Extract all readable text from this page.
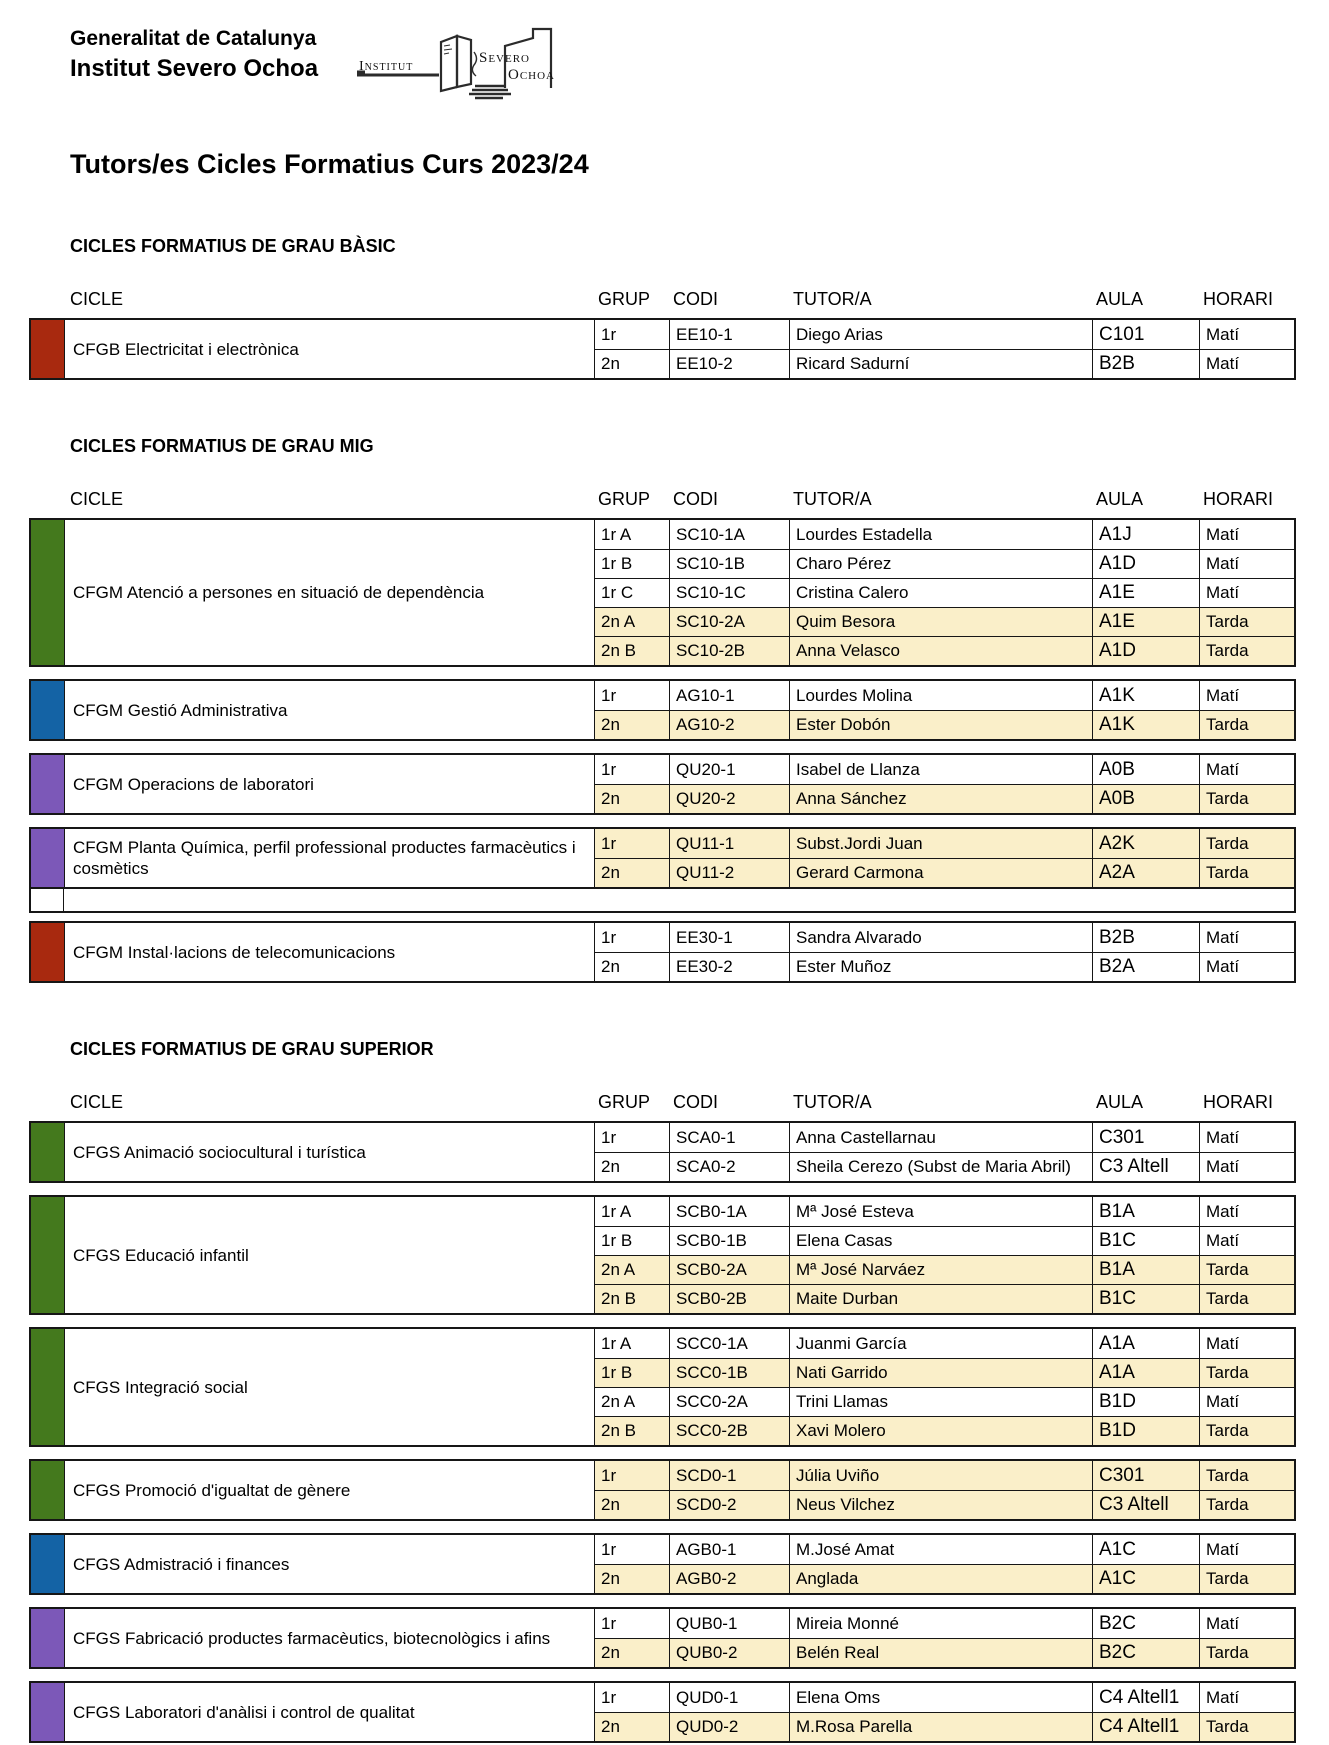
Generalitat de Catalunya
Institut Severo Ochoa	Institut
Severo
Ochoa
Tutors/es Cicles Formatius Curs 2023/24
CICLES FORMATIUS DE GRAU BÀSIC
CICLE	GRUP	CODI	TUTOR/A	AULA	HORARI
CFGB Electricitat i electrònica
1r	EE10-1	Diego Arias	C101	Matí
2n	EE10-2	Ricard Sadurní	B2B	Matí
CICLES FORMATIUS DE GRAU MIG
CICLE	GRUP	CODI	TUTOR/A	AULA	HORARI
CFGM Atenció a persones en situació de dependència
1r A	SC10-1A	Lourdes Estadella	A1J	Matí
1r B	SC10-1B	Charo Pérez	A1D	Matí
1r C	SC10-1C	Cristina Calero	A1E	Matí
2n A	SC10-2A	Quim Besora	A1E	Tarda
2n B	SC10-2B	Anna Velasco	A1D	Tarda
CFGM Gestió Administrativa
1r	AG10-1	Lourdes Molina	A1K	Matí
2n	AG10-2	Ester Dobón	A1K	Tarda
CFGM Operacions de laboratori
1r	QU20-1	Isabel de Llanza	A0B	Matí
2n	QU20-2	Anna Sánchez	A0B	Tarda
CFGM Planta Química, perfil professional productes farmacèutics i cosmètics
1r	QU11-1	Subst.Jordi Juan	A2K	Tarda
2n	QU11-2	Gerard Carmona	A2A	Tarda
CFGM Instal·lacions de telecomunicacions
1r	EE30-1	Sandra Alvarado	B2B	Matí
2n	EE30-2	Ester Muñoz	B2A	Matí
CICLES FORMATIUS DE GRAU SUPERIOR
CICLE	GRUP	CODI	TUTOR/A	AULA	HORARI
CFGS Animació sociocultural i turística
1r	SCA0-1	Anna Castellarnau	C301	Matí
2n	SCA0-2	Sheila Cerezo (Subst de Maria Abril)	C3 Altell	Matí
CFGS Educació infantil
1r A	SCB0-1A	Mª José Esteva	B1A	Matí
1r B	SCB0-1B	Elena Casas	B1C	Matí
2n A	SCB0-2A	Mª José Narváez	B1A	Tarda
2n B	SCB0-2B	Maite Durban	B1C	Tarda
CFGS Integració social
1r A	SCC0-1A	Juanmi García	A1A	Matí
1r B	SCC0-1B	Nati Garrido	A1A	Tarda
2n A	SCC0-2A	Trini Llamas	B1D	Matí
2n B	SCC0-2B	Xavi Molero	B1D	Tarda
CFGS Promoció d'igualtat de gènere
1r	SCD0-1	Júlia Uviño	C301	Tarda
2n	SCD0-2	Neus Vilchez	C3 Altell	Tarda
CFGS Admistració i finances
1r	AGB0-1	M.José Amat	A1C	Matí
2n	AGB0-2	Anglada	A1C	Tarda
CFGS Fabricació productes farmacèutics, biotecnològics i afins
1r	QUB0-1	Mireia Monné	B2C	Matí
2n	QUB0-2	Belén Real	B2C	Tarda
CFGS Laboratori d'anàlisi i control de qualitat
1r	QUD0-1	Elena Oms	C4 Altell1	Matí
2n	QUD0-2	M.Rosa Parella	C4 Altell1	Tarda
